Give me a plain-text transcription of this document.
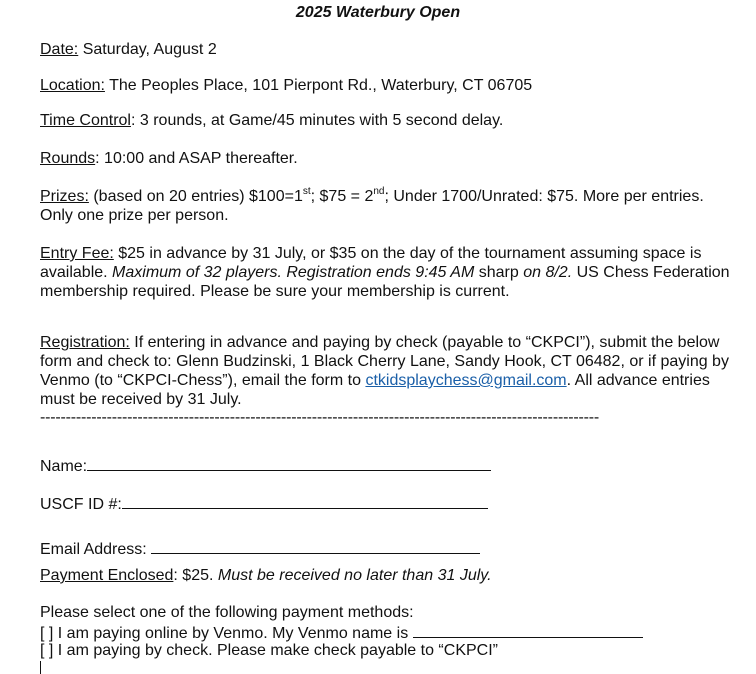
2025 Waterbury Open
Date: Saturday, August 2
Location: The Peoples Place, 101 Pierpont Rd., Waterbury, CT 06705
Time Control: 3 rounds, at Game/45 minutes with 5 second delay.
Rounds: 10:00 and ASAP thereafter.
Prizes: (based on 20 entries) $100=1st; $75 = 2nd; Under 1700/Unrated: $75. More per entries. Only one prize per person.
Entry Fee: $25 in advance by 31 July, or $35 on the day of the tournament assuming space is available. Maximum of 32 players. Registration ends 9:45 AM sharp on 8/2. US Chess Federation membership required. Please be sure your membership is current.
Registration: If entering in advance and paying by check (payable to “CKPCI”), submit the below form and check to: Glenn Budzinski, 1 Black Cherry Lane, Sandy Hook, CT 06482, or if paying by Venmo (to “CKPCI-Chess”), email the form to ctkidsplaychess@gmail.com. All advance entries must be received by 31 July.
-------------------------------------------------------------------------------------------------------------
Name:
USCF ID #:
Email Address:
Payment Enclosed: $25. Must be received no later than 31 July.
Please select one of the following payment methods:
[ ] I am paying online by Venmo. My Venmo name is
[ ] I am paying by check. Please make check payable to “CKPCI”
